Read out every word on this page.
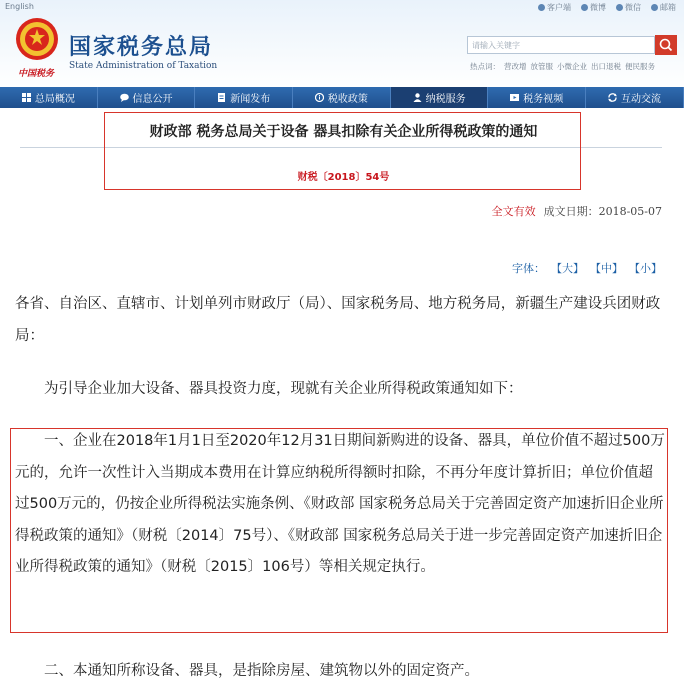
English	客户端 微博 微信 邮箱
中国税务
国家税务总局
State Administration of Taxation
请输入关键字
热点词： 营改增 放管服 小微企业 出口退税 便民服务
总局概况	信息公开	新闻发布	税收政策	纳税服务	税务视频	互动交流
财政部 税务总局关于设备 器具扣除有关企业所得税政策的通知
财税〔2018〕54号
全文有效 成文日期：2018-05-07
字体： 【大】 【中】 【小】
各省、自治区、直辖市、计划单列市财政厅（局）、国家税务局、地方税务局，新疆生产建设兵团财政局：
为引导企业加大设备、器具投资力度，现就有关企业所得税政策通知如下：
一、企业在2018年1月1日至2020年12月31日期间新购进的设备、器具，单位价值不超过500万元的，允许一次性计入当期成本费用在计算应纳税所得额时扣除，不再分年度计算折旧；单位价值超过500万元的，仍按企业所得税法实施条例、《财政部 国家税务总局关于完善固定资产加速折旧企业所得税政策的通知》（财税〔2014〕75号）、《财政部 国家税务总局关于进一步完善固定资产加速折旧企业所得税政策的通知》（财税〔2015〕106号）等相关规定执行。
二、本通知所称设备、器具，是指除房屋、建筑物以外的固定资产。
